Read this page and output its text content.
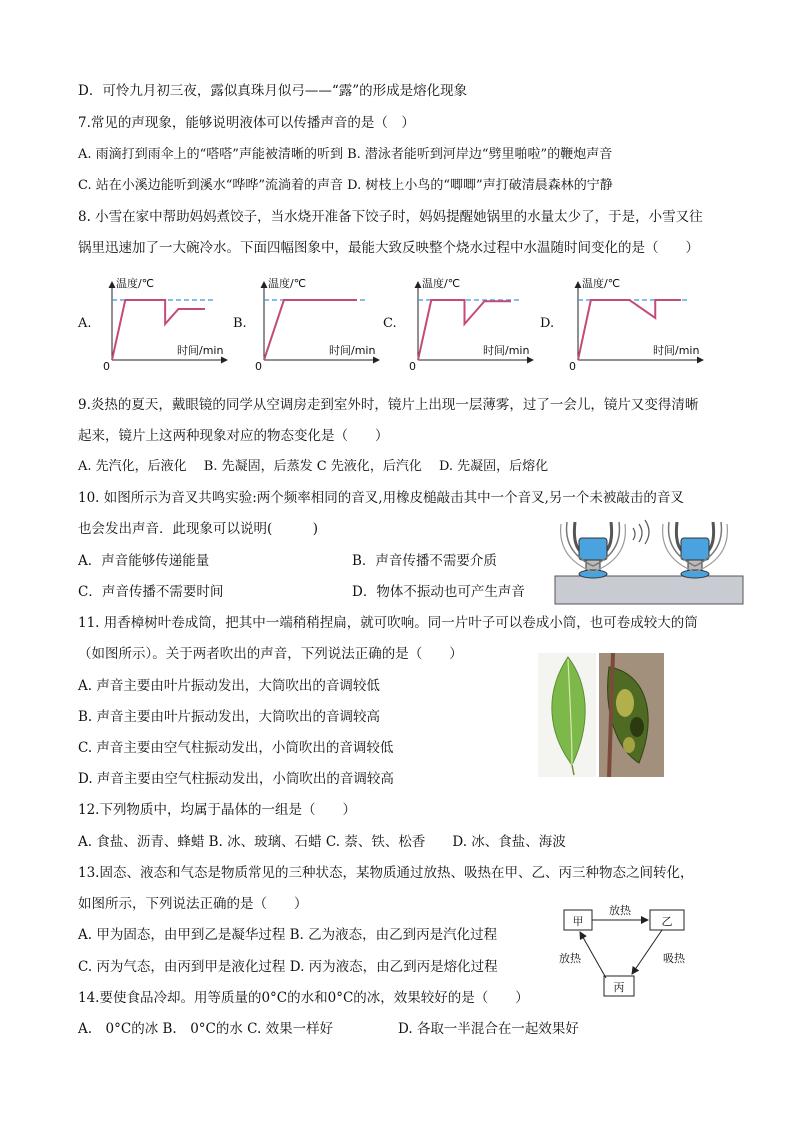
D．可怜九月初三夜，露似真珠月似弓——“露”的形成是熔化现象
7.常见的声现象，能够说明液体可以传播声音的是（　）
A. 雨滴打到雨伞上的“嗒嗒”声能被清晰的听到 B. 潜泳者能听到河岸边“劈里啪啦”的鞭炮声音
C. 站在小溪边能听到溪水“哗哗”流淌着的声音 D. 树枝上小鸟的“唧唧”声打破清晨森林的宁静
8. 小雪在家中帮助妈妈煮饺子，当水烧开准备下饺子时，妈妈提醒她锅里的水量太少了，于是，小雪又往
锅里迅速加了一大碗冷水。下面四幅图象中，最能大致反映整个烧水过程中水温随时间变化的是（　　）
A.	B.	C.	D.
温度/℃
时间/min
0
温度/℃
时间/min
0
温度/℃
时间/min
0
温度/℃
时间/min
0
9.炎热的夏天，戴眼镜的同学从空调房走到室外时，镜片上出现一层薄雾，过了一会儿，镜片又变得清晰
起来，镜片上这两种现象对应的物态变化是（　　）
A. 先汽化，后液化　 B. 先凝固，后蒸发 C 先液化，后汽化　 D. 先凝固，后熔化
10. 如图所示为音叉共鸣实验:两个频率相同的音叉,用橡皮槌敲击其中一个音叉,另一个未被敲击的音叉
也会发出声音．此现象可以说明(　　　)
A．声音能够传递能量	B．声音传播不需要介质
C．声音传播不需要时间	D．物体不振动也可产生声音
11. 用香樟树叶卷成筒，把其中一端稍稍捏扁，就可吹响。同一片叶子可以卷成小筒，也可卷成较大的筒
（如图所示）。关于两者吹出的声音，下列说法正确的是（　　）
A. 声音主要由叶片振动发出，大筒吹出的音调较低
B. 声音主要由叶片振动发出，大筒吹出的音调较高
C. 声音主要由空气柱振动发出，小筒吹出的音调较低
D. 声音主要由空气柱振动发出，小筒吹出的音调较高
12.下列物质中，均属于晶体的一组是（　　）
A. 食盐、沥青、蜂蜡 B. 冰、玻璃、石蜡 C. 萘、铁、松香　　D. 冰、食盐、海波
13.固态、液态和气态是物质常见的三种状态，某物质通过放热、吸热在甲、乙、丙三种物态之间转化，
如图所示，下列说法正确的是（　　）
A. 甲为固态，由甲到乙是凝华过程 B. 乙为液态，由乙到丙是汽化过程
C. 丙为气态，由丙到甲是液化过程 D. 丙为液态，由乙到丙是熔化过程
甲	乙
丙
放热
吸热
放热
14.要使食品冷却。用等质量的0°C的水和0°C的冰，效果较好的是（　　）
A.　0°C的冰 B.　0°C的水 C. 效果一样好	D. 各取一半混合在一起效果好
